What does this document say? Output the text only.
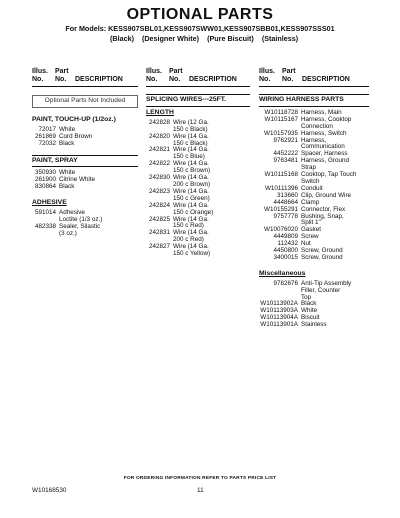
OPTIONAL PARTS
For Models: KESS907SBL01,KESS907SWW01,KESS907SBB01,KESS907SSS01
(Black) (Designer White) (Pure Biscuit) (Stainless)
Illus.
No.
Part
No.	DESCRIPTION
Optional Parts Not Included
PAINT, TOUCH-UP (1/2oz.)
72017 White
261869 Cord Brown
72032 Black
PAINT, SPRAY
350930 White
261900 Citrine White
830864 Black
ADHESIVE
591014 Adhesive
Loctite (1/3 oz.)
482338 Sealer, Silastic
(3 oz.)
Illus.
No.
Part
No.	DESCRIPTION
SPLICING WIRES---25FT.
LENGTH
242828 Wire (12 Ga.
150 c Black)
242820 Wire (14 Ga.
150 c Black)
242821 Wire (14 Ga.
150 c Blue)
242822 Wire (14 Ga.
150 c Brown)
242830 Wire (14 Ga.
200 c Brown)
242823 Wire (14 Ga.
150 c Green)
242824 Wire (14 Ga.
150 c Orange)
242825 Wire (14 Ga.
150 c Red)
242831 Wire (14 Ga.
200 c Red)
242827 Wire (14 Ga.
150 c Yellow)
Illus.
No.
Part
No.	DESCRIPTION
WIRING HARNESS PARTS
W10118728 Harness, Main
W10115167 Harness, Cooktop
Connection
W10157935 Harness, Switch
9762921 Harness,
Communication
4452222 Spacer, Harness
9763481 Harness, Ground
Strap
W10115168 Cooktop, Tap Touch
Switch
W10111396 Conduit
313660 Clip, Ground Wire
4448664 Clamp
W10155291 Connector, Flex
9757778 Bushing, Snap,
Split 1"
W10076020 Gasket
4449809 Screw
112432 Nut
4450800 Screw, Ground
3400015 Screw, Ground
Miscellaneous
9782676 Anti-Tip Assembly
Filler, Counter
Top
W10113902A Black
W10113903A White
W10113904A Biscuit
W10113901A Stainless
FOR ORDERING INFORMATION REFER TO PARTS PRICE LIST
W10168530	11
